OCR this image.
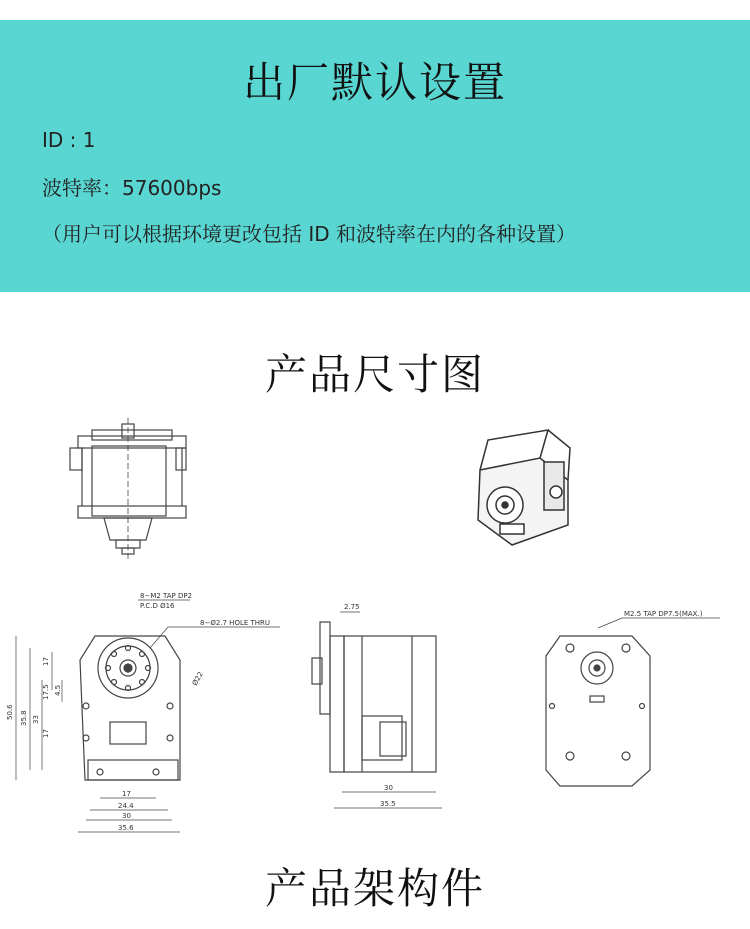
出厂默认设置
ID : 1
波特率：57600bps
（用户可以根据环境更改包括 ID 和波特率在内的各种设置）
产品尺寸图
8−M2 TAP DP2
P.C.D Ø16
8−Ø2.7 HOLE THRU
Ø22
50.6 35.8 33
17
17.5
17
4.5
17
24.4
30
35.6
2.75
30
35.5
M2.5 TAP DP7.5(MAX.)
产品架构件
